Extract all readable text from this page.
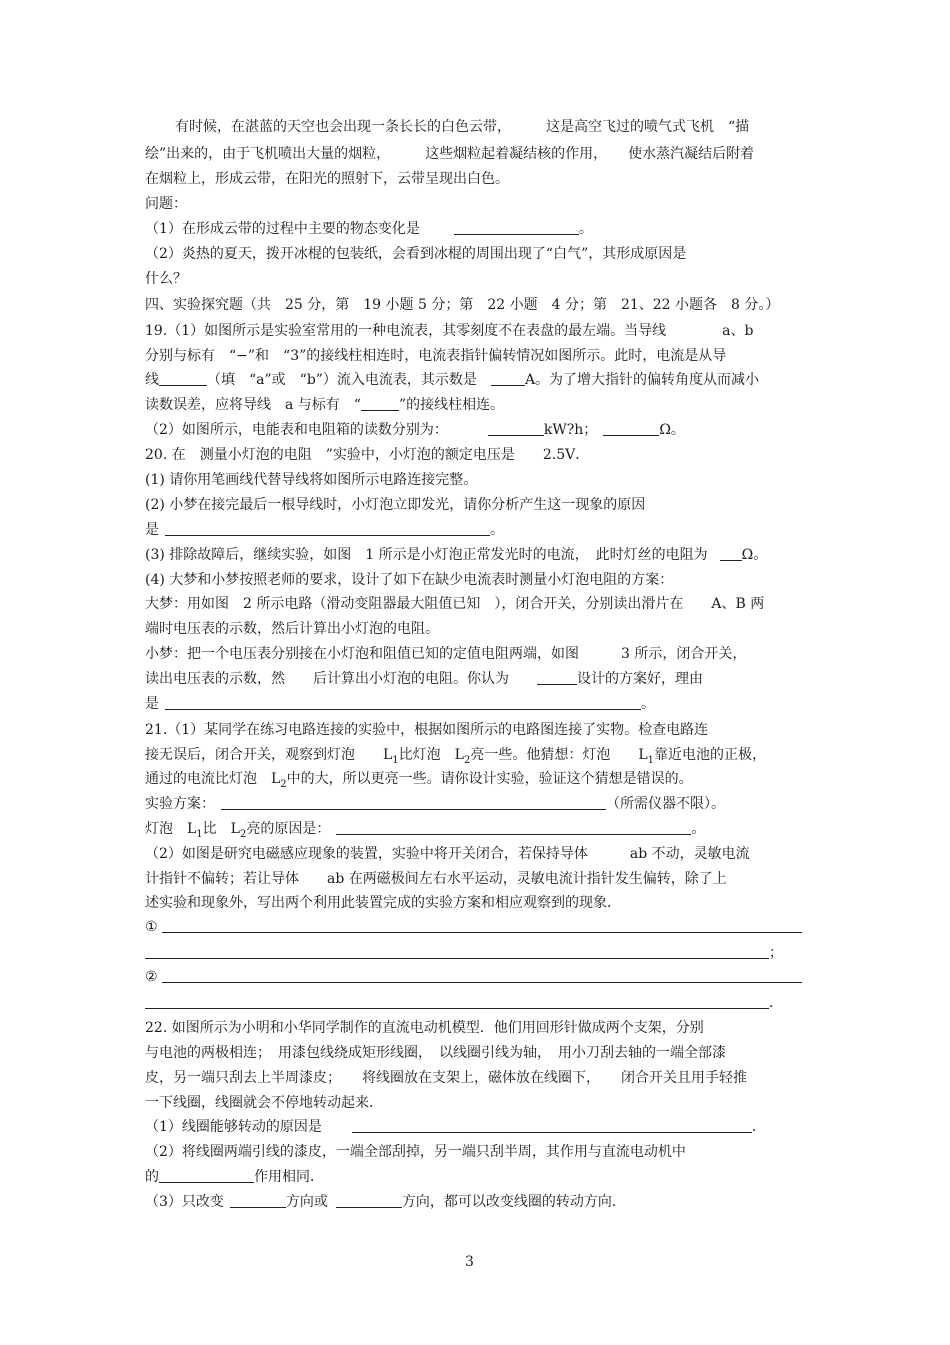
有时候，在湛蓝的天空也会出现一条长长的白色云带，　　　这是高空飞过的喷气式飞机　“描
绘”出来的，由于飞机喷出大量的烟粒，　　　这些烟粒起着凝结核的作用，　　使水蒸汽凝结后附着
在烟粒上，形成云带，在阳光的照射下，云带呈现出白色。
问题：
（1）在形成云带的过程中主要的物态变化是	。
（2）炎热的夏天，拨开冰棍的包装纸，会看到冰棍的周围出现了“白气”，其形成原因是
什么？
四、实验探究题（共　25 分，第　19 小题 5 分；第　22 小题　4 分；第　21、22 小题各　8 分。）
19.（1）如图所示是实验室常用的一种电流表，其零刻度不在表盘的最左端。当导线　　　　a、b
分别与标有　“−”和　“3”的接线柱相连时，电流表指针偏转情况如图所示。此时，电流是从导
线	（填　“a”或　“b”）流入电流表，其示数是	A。为了增大指针的偏转角度从而减小
读数误差，应将导线　a 与标有　“	”的接线柱相连。
（2）如图所示，电能表和电阻箱的读数分别为：	kW?h；	Ω。
20. 在　测量小灯泡的电阻　”实验中，小灯泡的额定电压是　　2.5V．
(1) 请你用笔画线代替导线将如图所示电路连接完整。
(2) 小梦在接完最后一根导线时，小灯泡立即发光，请你分析产生这一现象的原因
是	。
(3) 排除故障后，继续实验，如图　1 所示是小灯泡正常发光时的电流，　此时灯丝的电阻为 Ω。
(4) 大梦和小梦按照老师的要求，设计了如下在缺少电流表时测量小灯泡电阻的方案：
大梦：用如图　2 所示电路（滑动变阻器最大阻值已知　），闭合开关，分别读出滑片在　　A、B 两
端时电压表的示数，然后计算出小灯泡的电阻。
小梦：把一个电压表分别接在小灯泡和阻值已知的定值电阻两端，如图　　　3 所示，闭合开关，
读出电压表的示数，然　　后计算出小灯泡的电阻。你认为	设计的方案好，理由
是	。
21.（1）某同学在练习电路连接的实验中，根据如图所示的电路图连接了实物。检查电路连
接无误后，闭合开关，观察到灯泡　　$L_1$比灯泡　$L_2$亮一些。他猜想：灯泡　　$L_1$靠近电池的正极，
通过的电流比灯泡　$L_2$中的大，所以更亮一些。请你设计实验，验证这个猜想是错误的。
实验方案：	（所需仪器不限）。
灯泡　$L_1$比　$L_2$亮的原因是：	。
（2）如图是研究电磁感应现象的装置，实验中将开关闭合，若保持导体　　　ab 不动，灵敏电流
计指针不偏转；若让导体　　ab 在两磁极间左右水平运动，灵敏电流计指针发生偏转，除了上
述实验和现象外，写出两个利用此装置完成的实验方案和相应观察到的现象．
①
；
②
．
22. 如图所示为小明和小华同学制作的直流电动机模型．他们用回形针做成两个支架，分别
与电池的两极相连；　用漆包线绕成矩形线圈，　以线圈引线为轴，　用小刀刮去轴的一端全部漆
皮，另一端只刮去上半周漆皮；　　将线圈放在支架上，磁体放在线圈下，　　闭合开关且用手轻推
一下线圈，线圈就会不停地转动起来．
（1）线圈能够转动的原因是	．
（2）将线圈两端引线的漆皮，一端全部刮掉，另一端只刮半周，其作用与直流电动机中
的	作用相同．
（3）只改变	方向或	方向，都可以改变线圈的转动方向．
3
